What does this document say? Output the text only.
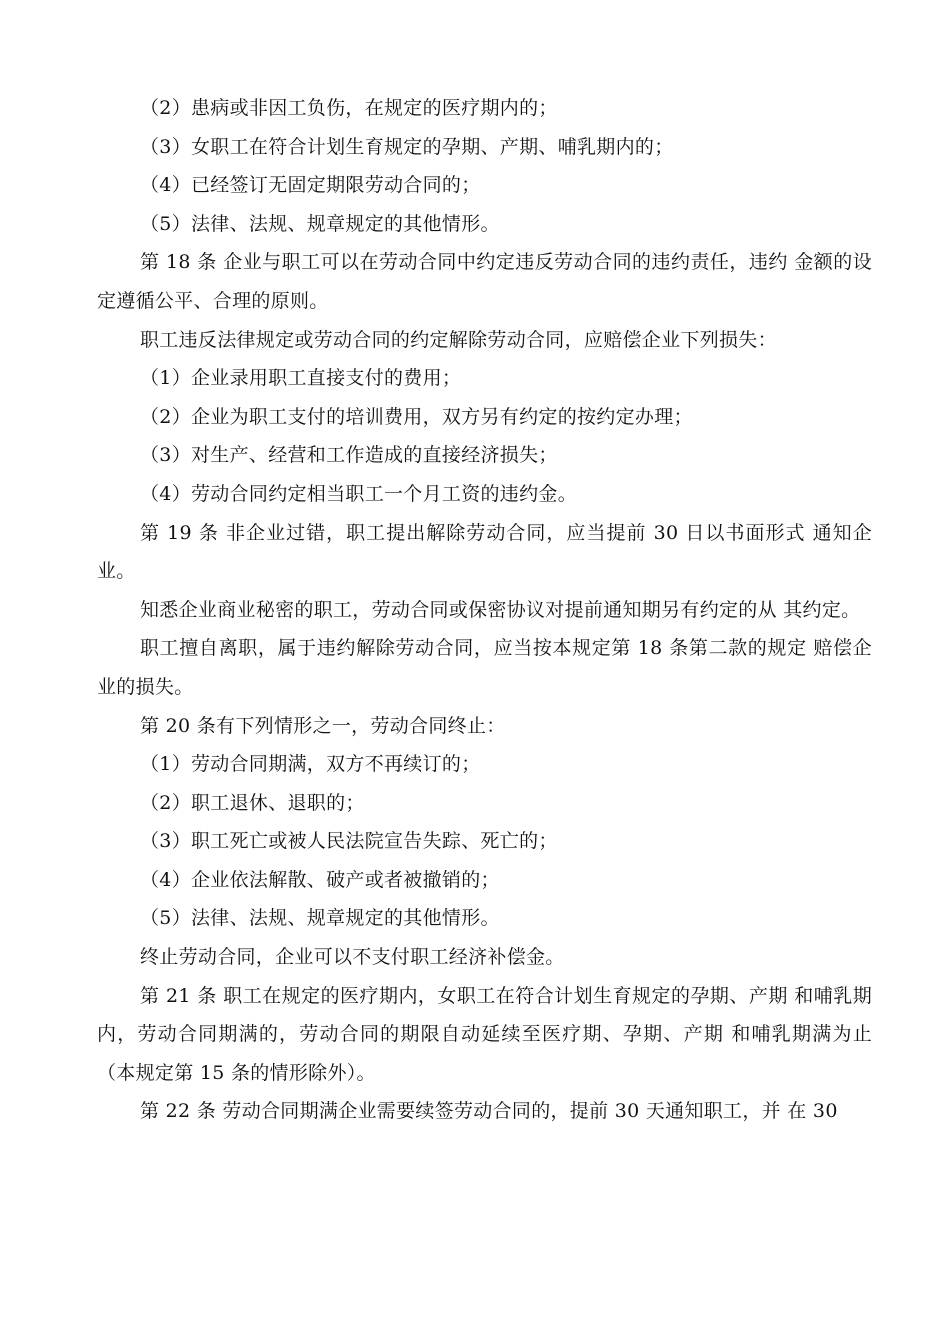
（2）患病或非因工负伤，在规定的医疗期内的；

（3）女职工在符合计划生育规定的孕期、产期、哺乳期内的；

（4）已经签订无固定期限劳动合同的；

（5）法律、法规、规章规定的其他情形。

第 18 条 企业与职工可以在劳动合同中约定违反劳动合同的违约责任，违约 金额的设定遵循公平、合理的原则。

职工违反法律规定或劳动合同的约定解除劳动合同，应赔偿企业下列损失：

（1）企业录用职工直接支付的费用；

（2）企业为职工支付的培训费用，双方另有约定的按约定办理；

（3）对生产、经营和工作造成的直接经济损失；

（4）劳动合同约定相当职工一个月工资的违约金。

第 19 条 非企业过错，职工提出解除劳动合同，应当提前 30 日以书面形式 通知企业。

知悉企业商业秘密的职工，劳动合同或保密协议对提前通知期另有约定的从 其约定。

职工擅自离职，属于违约解除劳动合同，应当按本规定第 18 条第二款的规定 赔偿企业的损失。

第 20 条有下列情形之一，劳动合同终止：

（1）劳动合同期满，双方不再续订的；

（2）职工退休、退职的；

（3）职工死亡或被人民法院宣告失踪、死亡的；

（4）企业依法解散、破产或者被撤销的；

（5）法律、法规、规章规定的其他情形。

终止劳动合同，企业可以不支付职工经济补偿金。

第 21 条 职工在规定的医疗期内，女职工在符合计划生育规定的孕期、产期 和哺乳期内，劳动合同期满的，劳动合同的期限自动延续至医疗期、孕期、产期 和哺乳期满为止（本规定第 15 条的情形除外）。

第 22 条 劳动合同期满企业需要续签劳动合同的，提前 30 天通知职工，并 在 30
